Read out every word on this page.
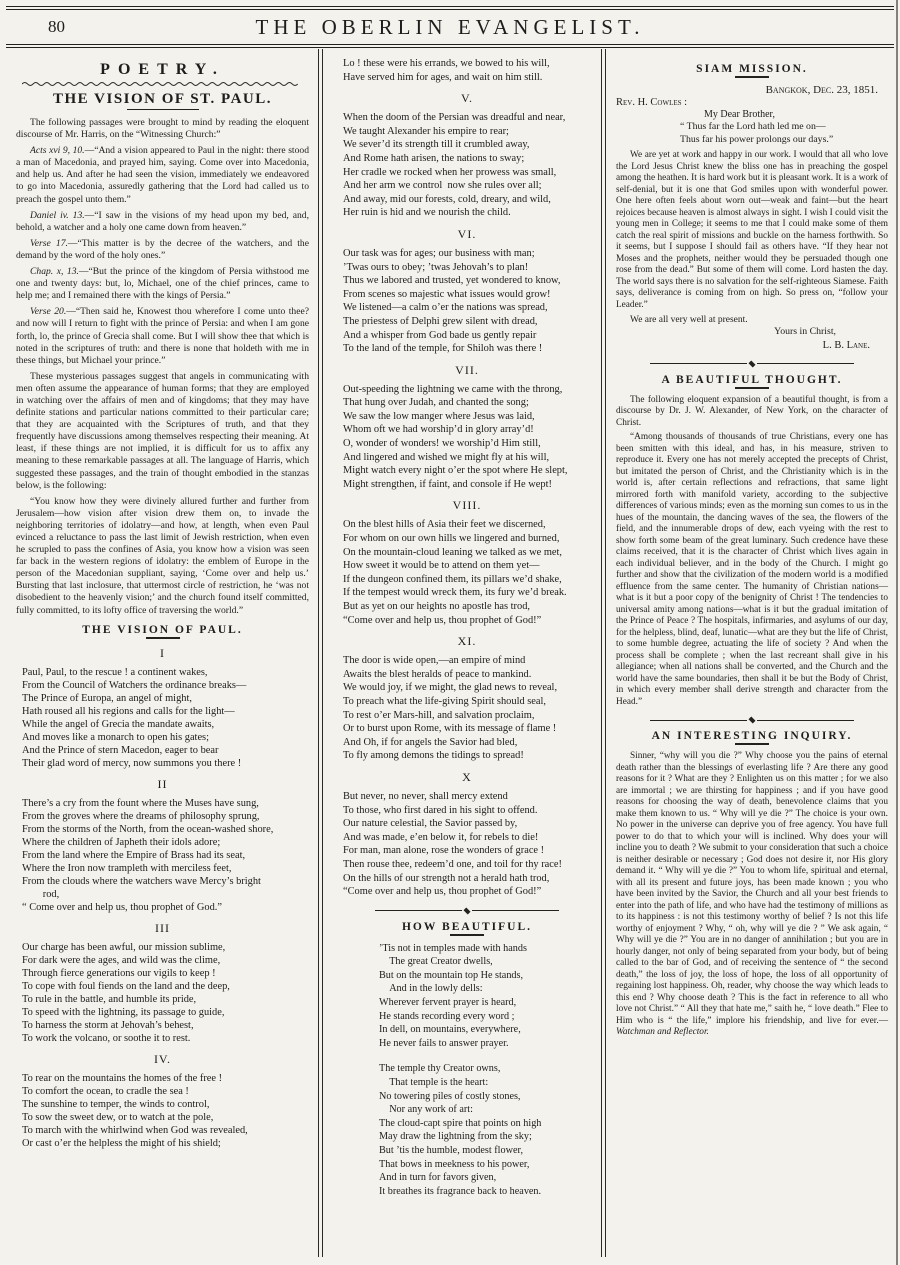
80	THE OBERLIN EVANGELIST.
POETRY.
THE VISION OF ST. PAUL.

The following passages were brought to mind by reading the eloquent discourse of Mr. Harris, on the “Witnessing Church:”

Acts xvi 9, 10.—“And a vision appeared to Paul in the night: there stood a man of Macedonia, and prayed him, saying. Come over into Macedonia, and help us. And after he had seen the vision, immediately we endeavored to go into Macedonia, assuredly gathering that the Lord had called us to preach the gospel unto them.”

Daniel iv. 13.—“I saw in the visions of my head upon my bed, and, behold, a watcher and a holy one came down from heaven.”

Verse 17.—“This matter is by the decree of the watchers, and the demand by the word of the holy ones.”

Chap. x, 13.—“But the prince of the kingdom of Persia withstood me one and twenty days: but, lo, Michael, one of the chief princes, came to help me; and I remained there with the kings of Persia.”

Verse 20.—“Then said he, Knowest thou wherefore I come unto thee? and now will I return to fight with the prince of Persia: and when I am gone forth, lo, the prince of Grecia shall come. But I will show thee that which is noted in the scriptures of truth: and there is none that holdeth with me in these things, but Michael your prince.”

These mysterious passages suggest that angels in communicating with men often assume the appearance of human forms; that they are employed in watching over the affairs of men and of kingdoms; that they may have definite stations and particular nations committed to their particular care; that they are acquainted with the Scriptures of truth, and that they frequently have discussions among themselves respecting their meaning. At least, if these things are not implied, it is difficult for us to affix any meaning to these remarkable passages at all. The language of Harris, which suggested these passages, and the train of thought embodied in the stanzas below, is the following:

“You know how they were divinely allured further and further from Jerusalem—how vision after vision drew them on, to invade the neighboring territories of idolatry—and how, at length, when even Paul evinced a reluctance to pass the last limit of Jewish restriction, when even he scrupled to pass the confines of Asia, you know how a vision was seen far back in the western regions of idolatry: the emblem of Europe in the person of the Macedonian suppliant, saying, ‘Come over and help us.’ Bursting that last inclosure, that uttermost circle of restriction, he ‘was not disobedient to the heavenly vision;’ and the church found itself committed, fully committed, to its lofty office of traversing the world.”

THE VISION OF PAUL.
I
Paul, Paul, to the rescue ! a continent wakes,
From the Council of Watchers the ordinance breaks—
The Prince of Europa, an angel of might,
Hath roused all his regions and calls for the light—
While the angel of Grecia the mandate awaits,
And moves like a monarch to open his gates;
And the Prince of stern Macedon, eager to bear
Their glad word of mercy, now summons you there !
II
There’s a cry from the fount where the Muses have sung,
From the groves where the dreams of philosophy sprung,
From the storms of the North, from the ocean-washed shore,
Where the children of Japheth their idols adore;
From the land where the Empire of Brass had its seat,
Where the Iron now trampleth with merciless feet,
From the clouds where the watchers wave Mercy’s bright
rod,
“ Come over and help us, thou prophet of God.”
III
Our charge has been awful, our mission sublime,
For dark were the ages, and wild was the clime,
Through fierce generations our vigils to keep !
To cope with foul fiends on the land and the deep,
To rule in the battle, and humble its pride,
To speed with the lightning, its passage to guide,
To harness the storm at Jehovah’s behest,
To work the volcano, or soothe it to rest.
IV.
To rear on the mountains the homes of the free !
To comfort the ocean, to cradle the sea !
The sunshine to temper, the winds to control,
To sow the sweet dew, or to watch at the pole,
To march with the whirlwind when God was revealed,
Or cast o’er the helpless the might of his shield;
Lo ! these were his errands, we bowed to his will,
Have served him for ages, and wait on him still.
V.
When the doom of the Persian was dreadful and near,
We taught Alexander his empire to rear;
We sever’d its strength till it crumbled away,
And Rome hath arisen, the nations to sway;
Her cradle we rocked when her prowess was small,
And her arm we control  now she rules over all;
And away, mid our forests, cold, dreary, and wild,
Her ruin is hid and we nourish the child.
VI.
Our task was for ages; our business with man;
’Twas ours to obey; ’twas Jehovah’s to plan!
Thus we labored and trusted, yet wondered to know,
From scenes so majestic what issues would grow!
We listened—a calm o’er the nations was spread,
The priestess of Delphi grew silent with dread,
And a whisper from God bade us gently repair
To the land of the temple, for Shiloh was there !
VII.
Out-speeding the lightning we came with the throng,
That hung over Judah, and chanted the song;
We saw the low manger where Jesus was laid,
Whom oft we had worship’d in glory array’d!
O, wonder of wonders! we worship’d Him still,
And lingered and wished we might fly at his will,
Might watch every night o’er the spot where He slept,
Might strengthen, if faint, and console if He wept!
VIII.
On the blest hills of Asia their feet we discerned,
For whom on our own hills we lingered and burned,
On the mountain-cloud leaning we talked as we met,
How sweet it would be to attend on them yet—
If the dungeon confined them, its pillars we’d shake,
If the tempest would wreck them, its fury we’d break.
But as yet on our heights no apostle has trod,
“Come over and help us, thou prophet of God!”
XI.
The door is wide open,—an empire of mind
Awaits the blest heralds of peace to mankind.
We would joy, if we might, the glad news to reveal,
To preach what the life-giving Spirit should seal,
To rest o’er Mars-hill, and salvation proclaim,
Or to burst upon Rome, with its message of flame !
And Oh, if for angels the Savior had bled,
To fly among demons the tidings to spread!
X
But never, no never, shall mercy extend
To those, who first dared in his sight to offend.
Our nature celestial, the Savior passed by,
And was made, e’en below it, for rebels to die!
For man, man alone, rose the wonders of grace !
Then rouse thee, redeem’d one, and toil for thy race!
On the hills of our strength not a herald hath trod,
“Come over and help us, thou prophet of God!”
HOW BEAUTIFUL.
’Tis not in temples made with hands
The great Creator dwells,
But on the mountain top He stands,
And in the lowly dells:
Wherever fervent prayer is heard,
He stands recording every word ;
In dell, on mountains, everywhere,
He never fails to answer prayer.
The temple thy Creator owns,
That temple is the heart:
No towering piles of costly stones,
Nor any work of art:
The cloud-capt spire that points on high
May draw the lightning from the sky;
But ’tis the humble, modest flower,
That bows in meekness to his power,
And in turn for favors given,
It breathes its fragrance back to heaven.
SIAM MISSION.
Bangkok, Dec. 23, 1851.
Rev. H. Cowles :
My Dear Brother,
“ Thus far the Lord hath led me on—
Thus far his power prolongs our days.”

We are yet at work and happy in our work. I would that all who love the Lord Jesus Christ knew the bliss one has in preaching the gospel among the heathen. It is hard work but it is pleasant work. It is a work of self-denial, but it is one that God smiles upon with wonderful power. One here often feels about worn out—weak and faint—but the heart rejoices because heaven is almost always in sight. I wish I could visit the young men in College; it seems to me that I could make some of them catch the real spirit of missions and buckle on the harness forthwith. So it seems, but I suppose I should fail as others have. “If they hear not Moses and the prophets, neither would they be persuaded though one rose from the dead.” But some of them will come. Lord hasten the day. The world says there is no salvation for the self-righteous Siamese. Faith says, deliverance is coming from on high. So press on, “follow your Leader.”

We are all very well at present.
Yours in Christ,
L. B. Lane.
A BEAUTIFUL THOUGHT.

The following eloquent expansion of a beautiful thought, is from a discourse by Dr. J. W. Alexander, of New York, on the character of Christ.

“Among thousands of thousands of true Christians, every one has been smitten with this ideal, and has, in his measure, striven to reproduce it. Every one has not merely accepted the precepts of Christ, but imitated the person of Christ, and the Christianity which is in the world is, after certain reflections and refractions, that same light mirrored forth with manifold variety, according to the subjective differences of various minds; even as the morning sun comes to us in the hues of the mountain, the dancing waves of the sea, the flowers of the field, and the innumerable drops of dew, each vyeing with the rest to show forth some beam of the great luminary. Such credence have these claims received, that it is the character of Christ which lives again in each individual believer, and in the body of the Church. I might go further and show that the civilization of the modern world is a modified effluence from the same center. The humanity of Christian nations—what is it but a poor copy of the benignity of Christ ! The tendencies to universal amity among nations—what is it but the gradual imitation of the Prince of Peace ? The hospitals, infirmaries, and asylums of our day, for the helpless, blind, deaf, lunatic—what are they but the life of Christ, to some humble degree, actuating the life of society ? And when the process shall be complete ; when the last recreant shall give in his allegiance; when all nations shall be converted, and the Church and the world have the same boundaries, then shall it be but the Body of Christ, in which every member shall derive strength and character from the Head.”

AN INTERESTING INQUIRY.

Sinner, “why will you die ?” Why choose you the pains of eternal death rather than the blessings of everlasting life ? Are there any good reasons for it ? What are they ? Enlighten us on this matter ; for we also are immortal ; we are thirsting for happiness ; and if you have good reasons for choosing the way of death, benevolence claims that you make them known to us. “ Why will ye die ?” The choice is your own. No power in the universe can deprive you of free agency. You have full power to do that to which your will is inclined. Why does your will incline you to death ? We submit to your consideration that such a choice is neither desirable or necessary ; God does not desire it, nor His glory demand it. “ Why will ye die ?” You to whom life, spiritual and eternal, with all its present and future joys, has been made known ; you who have been invited by the Savior, the Church and all your best friends to enter into the path of life, and who have had the testimony of millions as to its happiness : is not this testimony worthy of belief ? Is not this life worthy of enjoyment ? Why, “ oh, why will ye die ? ” We ask again, “ Why will ye die ?” You are in no danger of annihilation ; but you are in hourly danger, not only of being separated from your body, but of being called to the bar of God, and of receiving the sentence of “ the second death,” the loss of joy, the loss of hope, the loss of all opportunity of regaining lost happiness. Oh, reader, why choose the way which leads to this end ? Why choose death ? This is the fact in reference to all who love not Christ.” “ All they that hate me,” saith he, “ love death.” Flee to Him who is “ the life,” implore his friendship, and live for ever.—Watchman and Reflector.
